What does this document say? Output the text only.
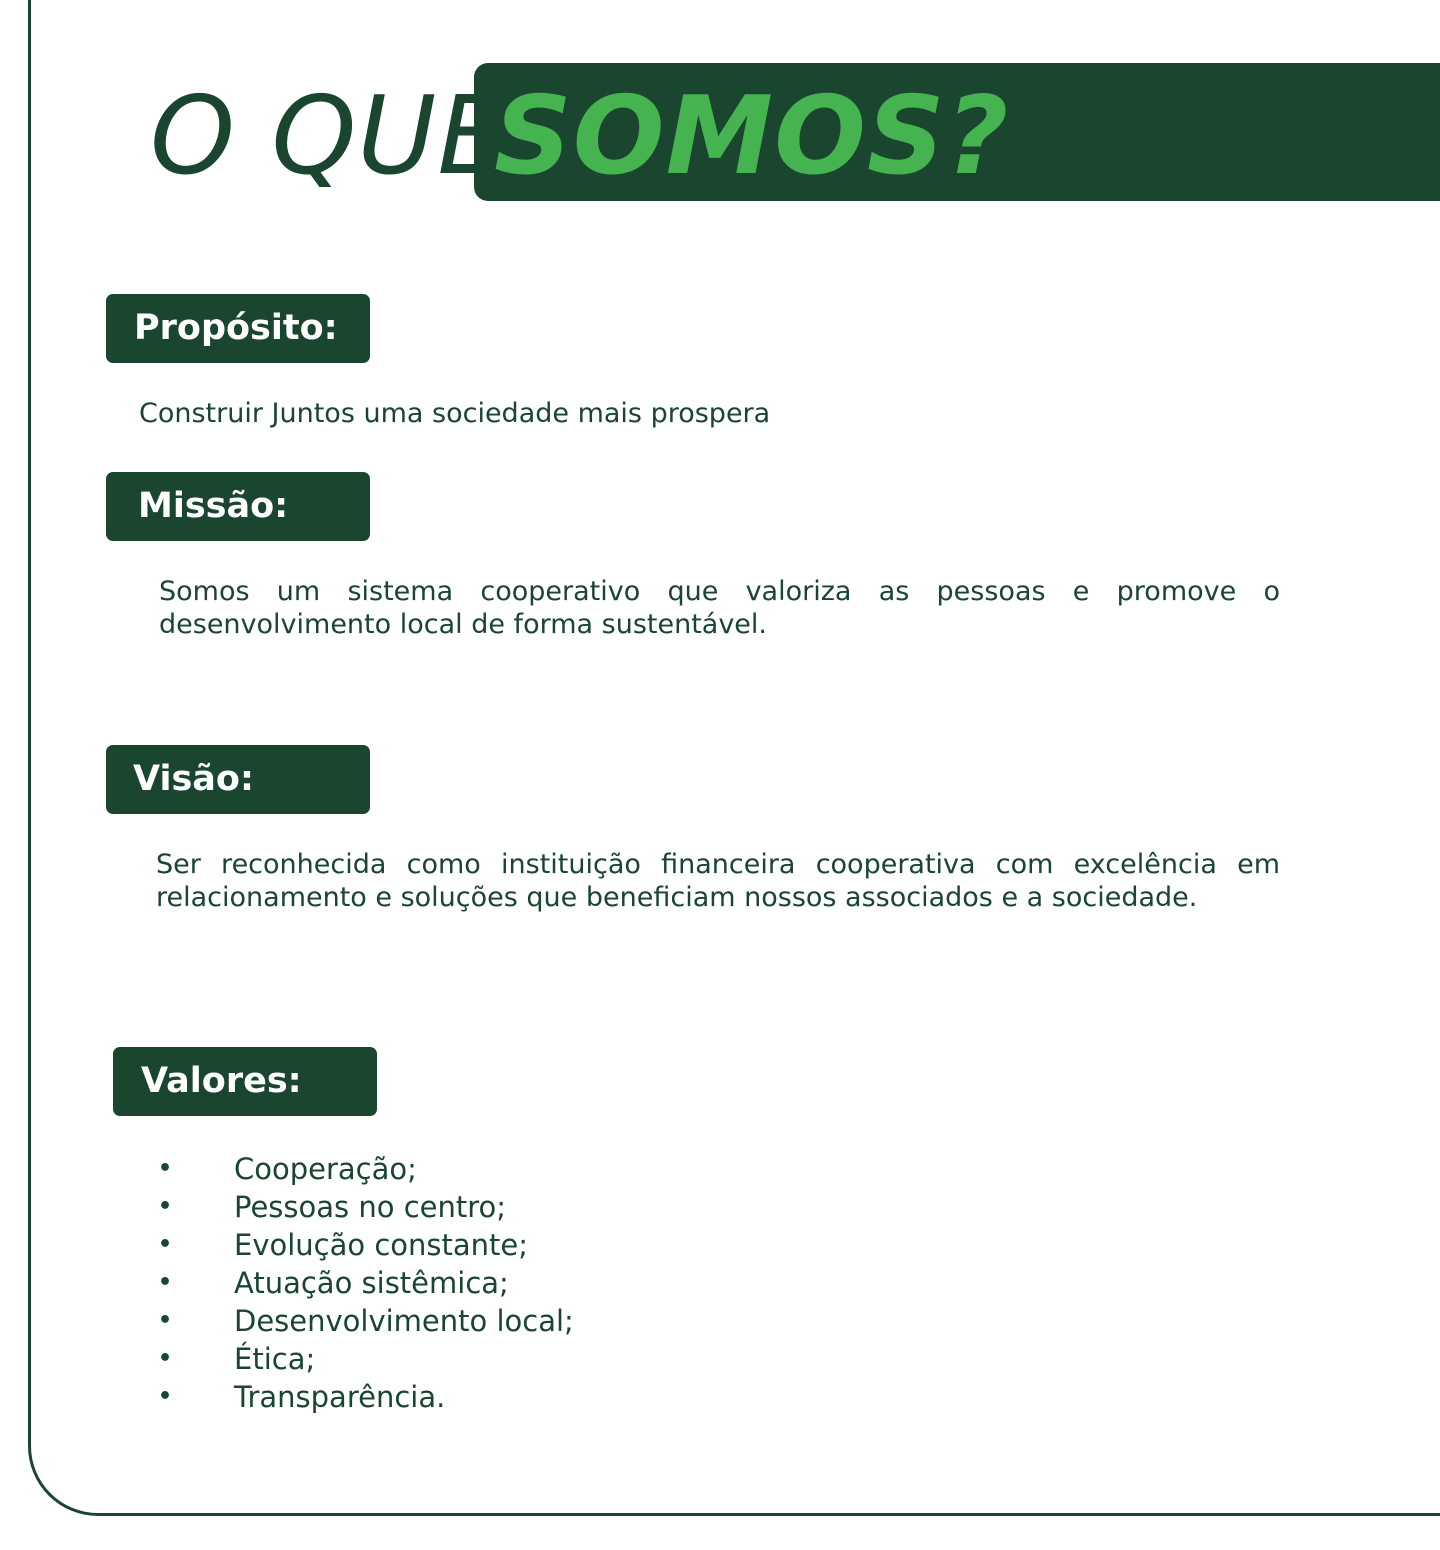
O QUE
SOMOS?
Propósito:
Construir Juntos uma sociedade mais prospera
Missão:
Somos um sistema cooperativo que valoriza as pessoas e promove o desenvolvimento local de forma sustentável.
Visão:
Ser reconhecida como instituição financeira cooperativa com excelência em relacionamento e soluções que beneficiam nossos associados e a sociedade.
Valores:
•	Cooperação;
•	Pessoas no centro;
•	Evolução constante;
•	Atuação sistêmica;
•	Desenvolvimento local;
•	Ética;
•	Transparência.
